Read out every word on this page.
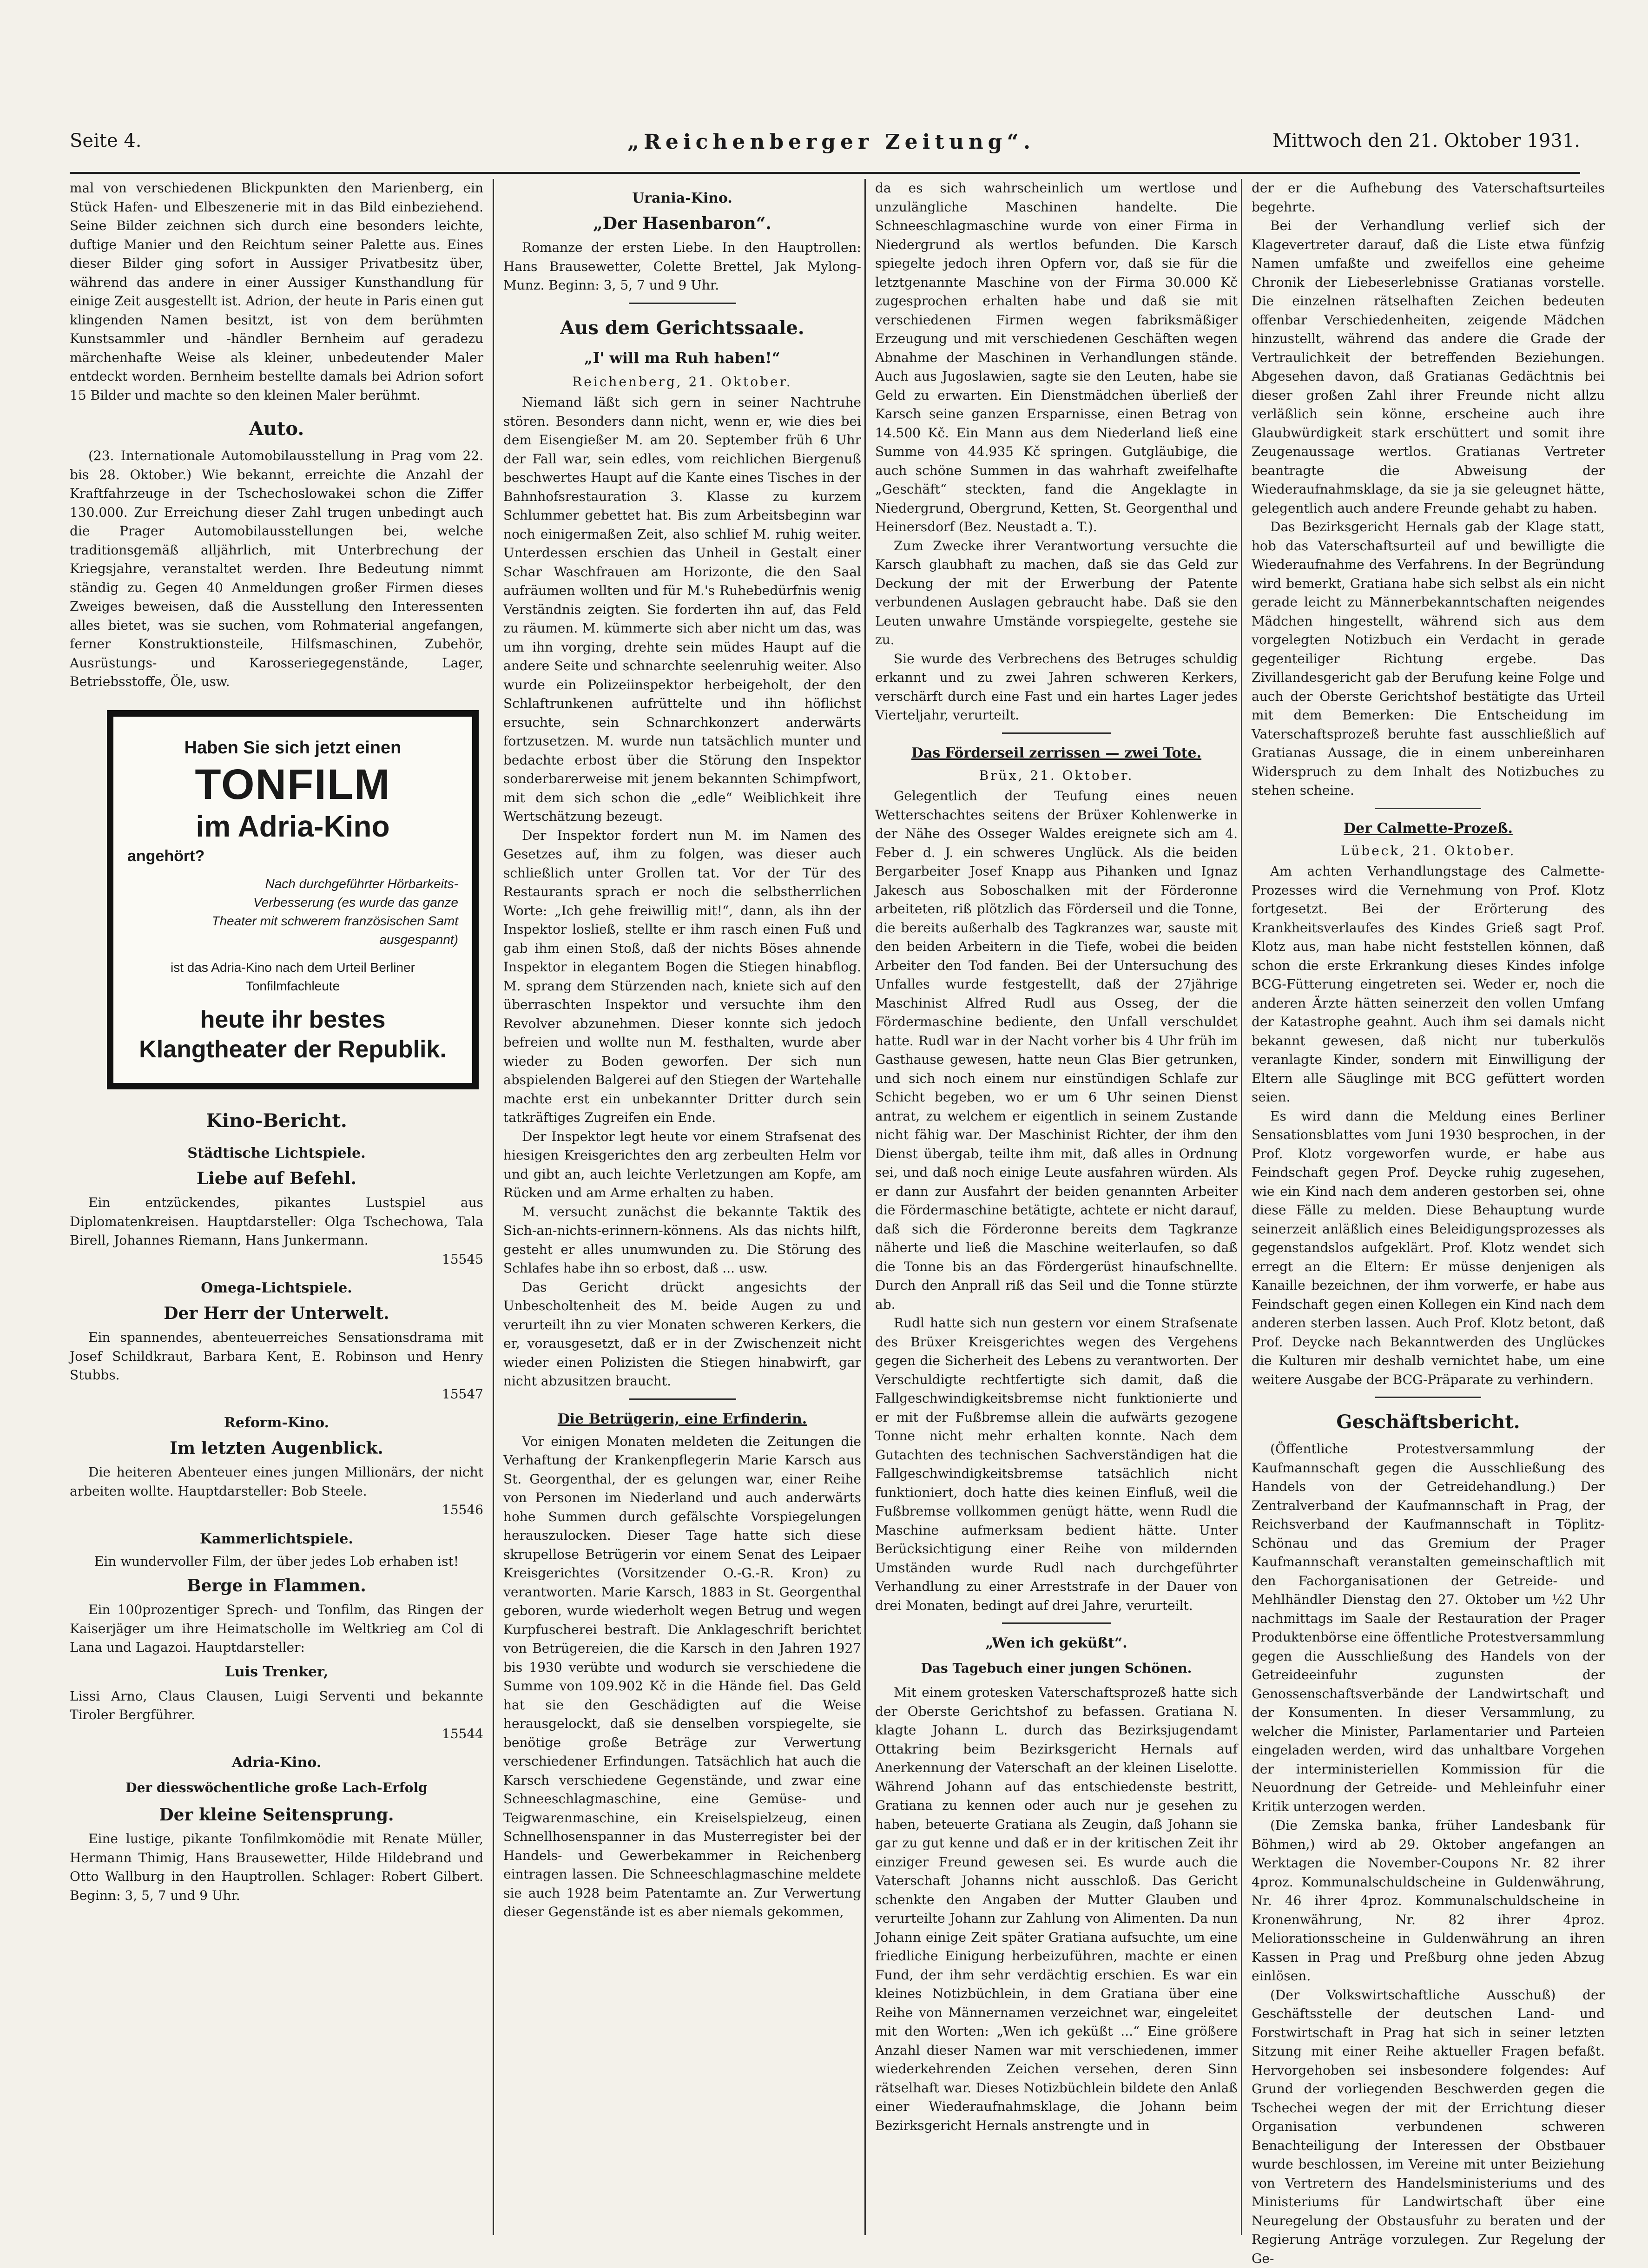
Seite 4.	„Reichenberger Zeitung“.	Mittwoch den 21. Oktober 1931.

mal von verschiedenen Blickpunkten den Marienberg, ein Stück Hafen- und Elbeszenerie mit in das Bild einbeziehend. Seine Bilder zeichnen sich durch eine besonders leichte, duftige Manier und den Reichtum seiner Palette aus. Eines dieser Bilder ging sofort in Aussiger Privatbesitz über, während das andere in einer Aussiger Kunsthandlung für einige Zeit ausgestellt ist. Adrion, der heute in Paris einen gut klingenden Namen besitzt, ist von dem berühmten Kunstsammler und -händler Bernheim auf geradezu märchenhafte Weise als kleiner, unbedeutender Maler entdeckt worden. Bernheim bestellte damals bei Adrion sofort 15 Bilder und machte so den kleinen Maler berühmt.

Auto.

(23. Internationale Automobilausstellung in Prag vom 22. bis 28. Oktober.) Wie bekannt, erreichte die Anzahl der Kraftfahrzeuge in der Tschechoslowakei schon die Ziffer 130.000. Zur Erreichung dieser Zahl trugen unbedingt auch die Prager Automobilausstellungen bei, welche traditionsgemäß alljährlich, mit Unterbrechung der Kriegsjahre, veranstaltet werden. Ihre Bedeutung nimmt ständig zu. Gegen 40 Anmeldungen großer Firmen dieses Zweiges beweisen, daß die Ausstellung den Interessenten alles bietet, was sie suchen, vom Rohmaterial angefangen, ferner Konstruktionsteile, Hilfsmaschinen, Zubehör, Ausrüstungs- und Karosseriegegenstände, Lager, Betriebsstoffe, Öle, usw.

Haben Sie sich jetzt einen
TONFILM
im Adria-Kino
angehört?
Nach durchgeführter Hörbarkeits-Verbesserung (es wurde das ganze Theater mit schwerem französischen Samt ausgespannt)
ist das Adria-Kino nach dem Urteil Berliner Tonfilmfachleute
heute ihr bestes Klangtheater der Republik.
Kino-Bericht.
Städtische Lichtspiele.
Liebe auf Befehl.

Ein entzückendes, pikantes Lustspiel aus Diplomatenkreisen. Hauptdarsteller: Olga Tschechowa, Tala Birell, Johannes Riemann, Hans Junkermann.

15545
Omega-Lichtspiele.
Der Herr der Unterwelt.

Ein spannendes, abenteuerreiches Sensationsdrama mit Josef Schildkraut, Barbara Kent, E. Robinson und Henry Stubbs.

15547
Reform-Kino.
Im letzten Augenblick.

Die heiteren Abenteuer eines jungen Millionärs, der nicht arbeiten wollte. Hauptdarsteller: Bob Steele.

15546
Kammerlichtspiele.

Ein wundervoller Film, der über jedes Lob erhaben ist!

Berge in Flammen.

Ein 100prozentiger Sprech- und Tonfilm, das Ringen der Kaiserjäger um ihre Heimatscholle im Weltkrieg am Col di Lana und Lagazoi. Hauptdarsteller:

Luis Trenker,

Lissi Arno, Claus Clausen, Luigi Serventi und bekannte Tiroler Bergführer.

15544
Adria-Kino.
Der diesswöchentliche große Lach-Erfolg
Der kleine Seitensprung.

Eine lustige, pikante Tonfilmkomödie mit Renate Müller, Hermann Thimig, Hans Brausewetter, Hilde Hildebrand und Otto Wallburg in den Hauptrollen. Schlager: Robert Gilbert. Beginn: 3, 5, 7 und 9 Uhr.

Urania-Kino.
„Der Hasenbaron“.

Romanze der ersten Liebe. In den Hauptrollen: Hans Brausewetter, Colette Brettel, Jak Mylong-Munz. Beginn: 3, 5, 7 und 9 Uhr.

Aus dem Gerichtssaale.
„I' will ma Ruh haben!“
Reichenberg, 21. Oktober.

Niemand läßt sich gern in seiner Nachtruhe stören. Besonders dann nicht, wenn er, wie dies bei dem Eisengießer M. am 20. September früh 6 Uhr der Fall war, sein edles, vom reichlichen Biergenuß beschwertes Haupt auf die Kante eines Tisches in der Bahnhofsrestauration 3. Klasse zu kurzem Schlummer gebettet hat. Bis zum Arbeitsbeginn war noch einigermaßen Zeit, also schlief M. ruhig weiter. Unterdessen erschien das Unheil in Gestalt einer Schar Waschfrauen am Horizonte, die den Saal aufräumen wollten und für M.'s Ruhebedürfnis wenig Verständnis zeigten. Sie forderten ihn auf, das Feld zu räumen. M. kümmerte sich aber nicht um das, was um ihn vorging, drehte sein müdes Haupt auf die andere Seite und schnarchte seelenruhig weiter. Also wurde ein Polizeiinspektor herbeigeholt, der den Schlaftrunkenen aufrüttelte und ihn höflichst ersuchte, sein Schnarchkonzert anderwärts fortzusetzen. M. wurde nun tatsächlich munter und bedachte erbost über die Störung den Inspektor sonderbarerweise mit jenem bekannten Schimpfwort, mit dem sich schon die „edle“ Weiblichkeit ihre Wertschätzung bezeugt.

Der Inspektor fordert nun M. im Namen des Gesetzes auf, ihm zu folgen, was dieser auch schließlich unter Grollen tat. Vor der Tür des Restaurants sprach er noch die selbstherrlichen Worte: „Ich gehe freiwillig mit!“, dann, als ihn der Inspektor losließ, stellte er ihm rasch einen Fuß und gab ihm einen Stoß, daß der nichts Böses ahnende Inspektor in elegantem Bogen die Stiegen hinabflog. M. sprang dem Stürzenden nach, kniete sich auf den überraschten Inspektor und versuchte ihm den Revolver abzunehmen. Dieser konnte sich jedoch befreien und wollte nun M. festhalten, wurde aber wieder zu Boden geworfen. Der sich nun abspielenden Balgerei auf den Stiegen der Wartehalle machte erst ein unbekannter Dritter durch sein tatkräftiges Zugreifen ein Ende.

Der Inspektor legt heute vor einem Strafsenat des hiesigen Kreisgerichtes den arg zerbeulten Helm vor und gibt an, auch leichte Verletzungen am Kopfe, am Rücken und am Arme erhalten zu haben.

M. versucht zunächst die bekannte Taktik des Sich-an-nichts-erinnern-könnens. Als das nichts hilft, gesteht er alles unumwunden zu. Die Störung des Schlafes habe ihn so erbost, daß ... usw.

Das Gericht drückt angesichts der Unbescholtenheit des M. beide Augen zu und verurteilt ihn zu vier Monaten schweren Kerkers, die er, vorausgesetzt, daß er in der Zwischenzeit nicht wieder einen Polizisten die Stiegen hinabwirft, gar nicht abzusitzen braucht.

Die Betrügerin, eine Erfinderin.

Vor einigen Monaten meldeten die Zeitungen die Verhaftung der Krankenpflegerin Marie Karsch aus St. Georgenthal, der es gelungen war, einer Reihe von Personen im Niederland und auch anderwärts hohe Summen durch gefälschte Vorspiegelungen herauszulocken. Dieser Tage hatte sich diese skrupellose Betrügerin vor einem Senat des Leipaer Kreisgerichtes (Vorsitzender O.-G.-R. Kron) zu verantworten. Marie Karsch, 1883 in St. Georgenthal geboren, wurde wiederholt wegen Betrug und wegen Kurpfuscherei bestraft. Die Anklageschrift berichtet von Betrügereien, die die Karsch in den Jahren 1927 bis 1930 verübte und wodurch sie verschiedene die Summe von 109.902 Kč in die Hände fiel. Das Geld hat sie den Geschädigten auf die Weise herausgelockt, daß sie denselben vorspiegelte, sie benötige große Beträge zur Verwertung verschiedener Erfindungen. Tatsächlich hat auch die Karsch verschiedene Gegenstände, und zwar eine Schneeschlagmaschine, eine Gemüse- und Teigwarenmaschine, ein Kreiselspielzeug, einen Schnellhosenspanner in das Musterregister bei der Handels- und Gewerbekammer in Reichenberg eintragen lassen. Die Schneeschlagmaschine meldete sie auch 1928 beim Patentamte an. Zur Verwertung dieser Gegenstände ist es aber niemals gekommen,

da es sich wahrscheinlich um wertlose und unzulängliche Maschinen handelte. Die Schneeschlagmaschine wurde von einer Firma in Niedergrund als wertlos befunden. Die Karsch spiegelte jedoch ihren Opfern vor, daß sie für die letztgenannte Maschine von der Firma 30.000 Kč zugesprochen erhalten habe und daß sie mit verschiedenen Firmen wegen fabriksmäßiger Erzeugung und mit verschiedenen Geschäften wegen Abnahme der Maschinen in Verhandlungen stände. Auch aus Jugoslawien, sagte sie den Leuten, habe sie Geld zu erwarten. Ein Dienstmädchen überließ der Karsch seine ganzen Ersparnisse, einen Betrag von 14.500 Kč. Ein Mann aus dem Niederland ließ eine Summe von 44.935 Kč springen. Gutgläubige, die auch schöne Summen in das wahrhaft zweifelhafte „Geschäft“ steckten, fand die Angeklagte in Niedergrund, Obergrund, Ketten, St. Georgenthal und Heinersdorf (Bez. Neustadt a. T.).

Zum Zwecke ihrer Verantwortung versuchte die Karsch glaubhaft zu machen, daß sie das Geld zur Deckung der mit der Erwerbung der Patente verbundenen Auslagen gebraucht habe. Daß sie den Leuten unwahre Umstände vorspiegelte, gestehe sie zu.

Sie wurde des Verbrechens des Betruges schuldig erkannt und zu zwei Jahren schweren Kerkers, verschärft durch eine Fast und ein hartes Lager jedes Vierteljahr, verurteilt.

Das Förderseil zerrissen — zwei Tote.
Brüx, 21. Oktober.

Gelegentlich der Teufung eines neuen Wetterschachtes seitens der Brüxer Kohlenwerke in der Nähe des Osseger Waldes ereignete sich am 4. Feber d. J. ein schweres Unglück. Als die beiden Bergarbeiter Josef Knapp aus Pihanken und Ignaz Jakesch aus Soboschalken mit der Förderonne arbeiteten, riß plötzlich das Förderseil und die Tonne, die bereits außerhalb des Tagkranzes war, sauste mit den beiden Arbeitern in die Tiefe, wobei die beiden Arbeiter den Tod fanden. Bei der Untersuchung des Unfalles wurde festgestellt, daß der 27jährige Maschinist Alfred Rudl aus Osseg, der die Fördermaschine bediente, den Unfall verschuldet hatte. Rudl war in der Nacht vorher bis 4 Uhr früh im Gasthause gewesen, hatte neun Glas Bier getrunken, und sich noch einem nur einstündigen Schlafe zur Schicht begeben, wo er um 6 Uhr seinen Dienst antrat, zu welchem er eigentlich in seinem Zustande nicht fähig war. Der Maschinist Richter, der ihm den Dienst übergab, teilte ihm mit, daß alles in Ordnung sei, und daß noch einige Leute ausfahren würden. Als er dann zur Ausfahrt der beiden genannten Arbeiter die Fördermaschine betätigte, achtete er nicht darauf, daß sich die Förderonne bereits dem Tagkranze näherte und ließ die Maschine weiterlaufen, so daß die Tonne bis an das Fördergerüst hinaufschnellte. Durch den Anprall riß das Seil und die Tonne stürzte ab.

Rudl hatte sich nun gestern vor einem Strafsenate des Brüxer Kreisgerichtes wegen des Vergehens gegen die Sicherheit des Lebens zu verantworten. Der Verschuldigte rechtfertigte sich damit, daß die Fallgeschwindigkeitsbremse nicht funktionierte und er mit der Fußbremse allein die aufwärts gezogene Tonne nicht mehr erhalten konnte. Nach dem Gutachten des technischen Sachverständigen hat die Fallgeschwindigkeitsbremse tatsächlich nicht funktioniert, doch hatte dies keinen Einfluß, weil die Fußbremse vollkommen genügt hätte, wenn Rudl die Maschine aufmerksam bedient hätte. Unter Berücksichtigung einer Reihe von mildernden Umständen wurde Rudl nach durchgeführter Verhandlung zu einer Arreststrafe in der Dauer von drei Monaten, bedingt auf drei Jahre, verurteilt.

„Wen ich geküßt“.
Das Tagebuch einer jungen Schönen.

Mit einem grotesken Vaterschaftsprozeß hatte sich der Oberste Gerichtshof zu befassen. Gratiana N. klagte Johann L. durch das Bezirksjugendamt Ottakring beim Bezirksgericht Hernals auf Anerkennung der Vaterschaft an der kleinen Liselotte. Während Johann auf das entschiedenste bestritt, Gratiana zu kennen oder auch nur je gesehen zu haben, beteuerte Gratiana als Zeugin, daß Johann sie gar zu gut kenne und daß er in der kritischen Zeit ihr einziger Freund gewesen sei. Es wurde auch die Vaterschaft Johanns nicht ausschloß. Das Gericht schenkte den Angaben der Mutter Glauben und verurteilte Johann zur Zahlung von Alimenten. Da nun Johann einige Zeit später Gratiana aufsuchte, um eine friedliche Einigung herbeizuführen, machte er einen Fund, der ihm sehr verdächtig erschien. Es war ein kleines Notizbüchlein, in dem Gratiana über eine Reihe von Männernamen verzeichnet war, eingeleitet mit den Worten: „Wen ich geküßt ...“ Eine größere Anzahl dieser Namen war mit verschiedenen, immer wiederkehrenden Zeichen versehen, deren Sinn rätselhaft war. Dieses Notizbüchlein bildete den Anlaß einer Wiederaufnahmsklage, die Johann beim Bezirksgericht Hernals anstrengte und in

der er die Aufhebung des Vaterschaftsurteiles begehrte.

Bei der Verhandlung verlief sich der Klagevertreter darauf, daß die Liste etwa fünfzig Namen umfaßte und zweifellos eine geheime Chronik der Liebeserlebnisse Gratianas vorstelle. Die einzelnen rätselhaften Zeichen bedeuten offenbar Verschiedenheiten, zeigende Mädchen hinzustellt, während das andere die Grade der Vertraulichkeit der betreffenden Beziehungen. Abgesehen davon, daß Gratianas Gedächtnis bei dieser großen Zahl ihrer Freunde nicht allzu verläßlich sein könne, erscheine auch ihre Glaubwürdigkeit stark erschüttert und somit ihre Zeugenaussage wertlos. Gratianas Vertreter beantragte die Abweisung der Wiederaufnahmsklage, da sie ja sie geleugnet hätte, gelegentlich auch andere Freunde gehabt zu haben.

Das Bezirksgericht Hernals gab der Klage statt, hob das Vaterschaftsurteil auf und bewilligte die Wiederaufnahme des Verfahrens. In der Begründung wird bemerkt, Gratiana habe sich selbst als ein nicht gerade leicht zu Männerbekanntschaften neigendes Mädchen hingestellt, während sich aus dem vorgelegten Notizbuch ein Verdacht in gerade gegenteiliger Richtung ergebe. Das Zivillandesgericht gab der Berufung keine Folge und auch der Oberste Gerichtshof bestätigte das Urteil mit dem Bemerken: Die Entscheidung im Vaterschaftsprozeß beruhte fast ausschließlich auf Gratianas Aussage, die in einem unbereinharen Widerspruch zu dem Inhalt des Notizbuches zu stehen scheine.

Der Calmette-Prozeß.
Lübeck, 21. Oktober.

Am achten Verhandlungstage des Calmette-Prozesses wird die Vernehmung von Prof. Klotz fortgesetzt. Bei der Erörterung des Krankheitsverlaufes des Kindes Grieß sagt Prof. Klotz aus, man habe nicht feststellen können, daß schon die erste Erkrankung dieses Kindes infolge BCG-Fütterung eingetreten sei. Weder er, noch die anderen Ärzte hätten seinerzeit den vollen Umfang der Katastrophe geahnt. Auch ihm sei damals nicht bekannt gewesen, daß nicht nur tuberkulös veranlagte Kinder, sondern mit Einwilligung der Eltern alle Säuglinge mit BCG gefüttert worden seien.

Es wird dann die Meldung eines Berliner Sensationsblattes vom Juni 1930 besprochen, in der Prof. Klotz vorgeworfen wurde, er habe aus Feindschaft gegen Prof. Deycke ruhig zugesehen, wie ein Kind nach dem anderen gestorben sei, ohne diese Fälle zu melden. Diese Behauptung wurde seinerzeit anläßlich eines Beleidigungsprozesses als gegenstandslos aufgeklärt. Prof. Klotz wendet sich erregt an die Eltern: Er müsse denjenigen als Kanaille bezeichnen, der ihm vorwerfe, er habe aus Feindschaft gegen einen Kollegen ein Kind nach dem anderen sterben lassen. Auch Prof. Klotz betont, daß Prof. Deycke nach Bekanntwerden des Unglückes die Kulturen mir deshalb vernichtet habe, um eine weitere Ausgabe der BCG-Präparate zu verhindern.

Geschäftsbericht.

(Öffentliche Protestversammlung der Kaufmannschaft gegen die Ausschließung des Handels von der Getreidehandlung.) Der Zentralverband der Kaufmannschaft in Prag, der Reichsverband der Kaufmannschaft in Töplitz-Schönau und das Gremium der Prager Kaufmannschaft veranstalten gemeinschaftlich mit den Fachorganisationen der Getreide- und Mehlhändler Dienstag den 27. Oktober um ½2 Uhr nachmittags im Saale der Restauration der Prager Produktenbörse eine öffentliche Protestversammlung gegen die Ausschließung des Handels von der Getreideeinfuhr zugunsten der Genossenschaftsverbände der Landwirtschaft und der Konsumenten. In dieser Versammlung, zu welcher die Minister, Parlamentarier und Parteien eingeladen werden, wird das unhaltbare Vorgehen der interministeriellen Kommission für die Neuordnung der Getreide- und Mehleinfuhr einer Kritik unterzogen werden.

(Die Zemska banka, früher Landesbank für Böhmen,) wird ab 29. Oktober angefangen an Werktagen die November-Coupons Nr. 82 ihrer 4proz. Kommunalschuldscheine in Guldenwährung, Nr. 46 ihrer 4proz. Kommunalschuldscheine in Kronenwährung, Nr. 82 ihrer 4proz. Meliorationsscheine in Guldenwährung an ihren Kassen in Prag und Preßburg ohne jeden Abzug einlösen.

(Der Volkswirtschaftliche Ausschuß) der Geschäftsstelle der deutschen Land- und Forstwirtschaft in Prag hat sich in seiner letzten Sitzung mit einer Reihe aktueller Fragen befaßt. Hervorgehoben sei insbesondere folgendes: Auf Grund der vorliegenden Beschwerden gegen die Tschechei wegen der mit der Errichtung dieser Organisation verbundenen schweren Benachteiligung der Interessen der Obstbauer wurde beschlossen, im Vereine mit unter Beiziehung von Vertretern des Handelsministeriums und des Ministeriums für Landwirtschaft über eine Neuregelung der Obstausfuhr zu beraten und der Regierung Anträge vorzulegen. Zur Regelung der Ge-
